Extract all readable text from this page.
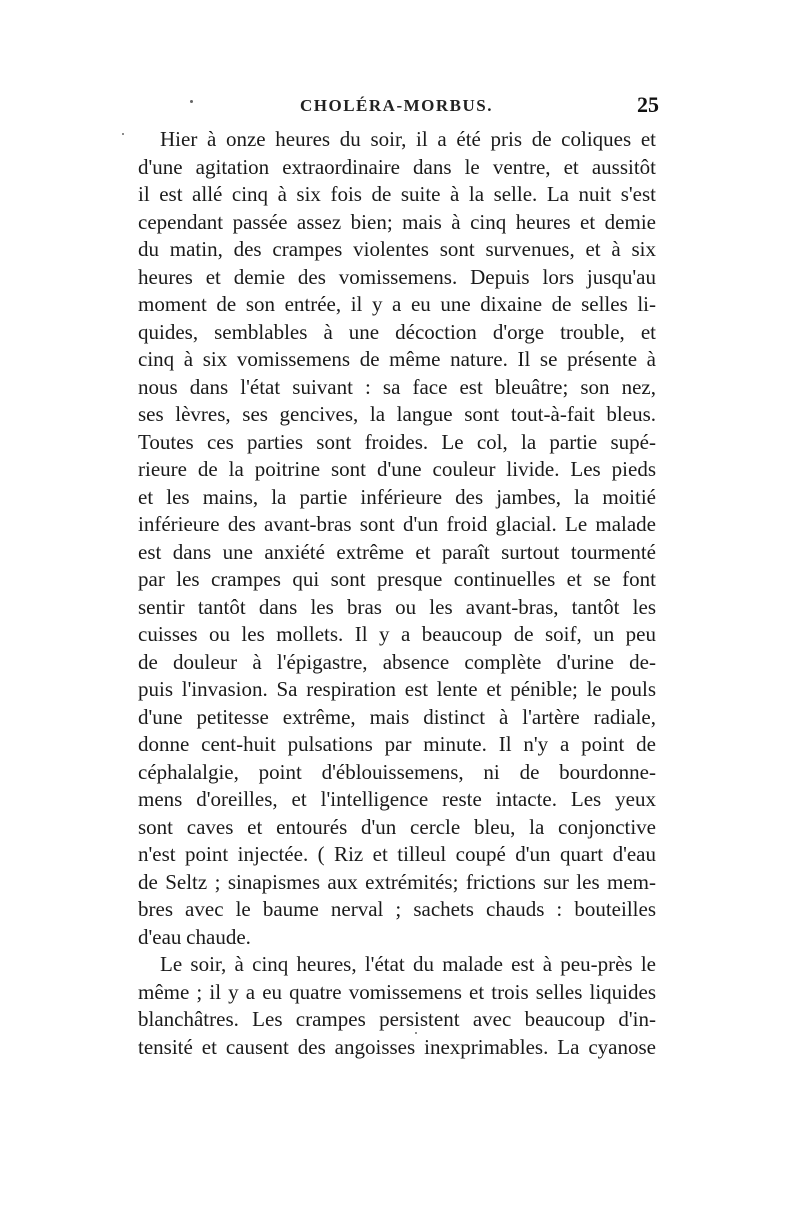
CHOLÉRA-MORBUS.	25
Hier à onze heures du soir, il a été pris de coliques et
d'une agitation extraordinaire dans le ventre, et aussitôt
il est allé cinq à six fois de suite à la selle. La nuit s'est
cependant passée assez bien; mais à cinq heures et demie
du matin, des crampes violentes sont survenues, et à six
heures et demie des vomissemens. Depuis lors jusqu'au
moment de son entrée, il y a eu une dixaine de selles li-
quides, semblables à une décoction d'orge trouble, et
cinq à six vomissemens de même nature. Il se présente à
nous dans l'état suivant : sa face est bleuâtre; son nez,
ses lèvres, ses gencives, la langue sont tout-à-fait bleus.
Toutes ces parties sont froides. Le col, la partie supé-
rieure de la poitrine sont d'une couleur livide. Les pieds
et les mains, la partie inférieure des jambes, la moitié
inférieure des avant-bras sont d'un froid glacial. Le malade
est dans une anxiété extrême et paraît surtout tourmenté
par les crampes qui sont presque continuelles et se font
sentir tantôt dans les bras ou les avant-bras, tantôt les
cuisses ou les mollets. Il y a beaucoup de soif, un peu
de douleur à l'épigastre, absence complète d'urine de-
puis l'invasion. Sa respiration est lente et pénible; le pouls
d'une petitesse extrême, mais distinct à l'artère radiale,
donne cent-huit pulsations par minute. Il n'y a point de
céphalalgie, point d'éblouissemens, ni de bourdonne-
mens d'oreilles, et l'intelligence reste intacte. Les yeux
sont caves et entourés d'un cercle bleu, la conjonctive
n'est point injectée. ( Riz et tilleul coupé d'un quart d'eau
de Seltz ; sinapismes aux extrémités; frictions sur les mem-
bres avec le baume nerval ; sachets chauds : bouteilles
d'eau chaude.
Le soir, à cinq heures, l'état du malade est à peu-près le
même ; il y a eu quatre vomissemens et trois selles liquides
blanchâtres. Les crampes persistent avec beaucoup d'in-
tensité et causent des angoisses inexprimables. La cyanose
